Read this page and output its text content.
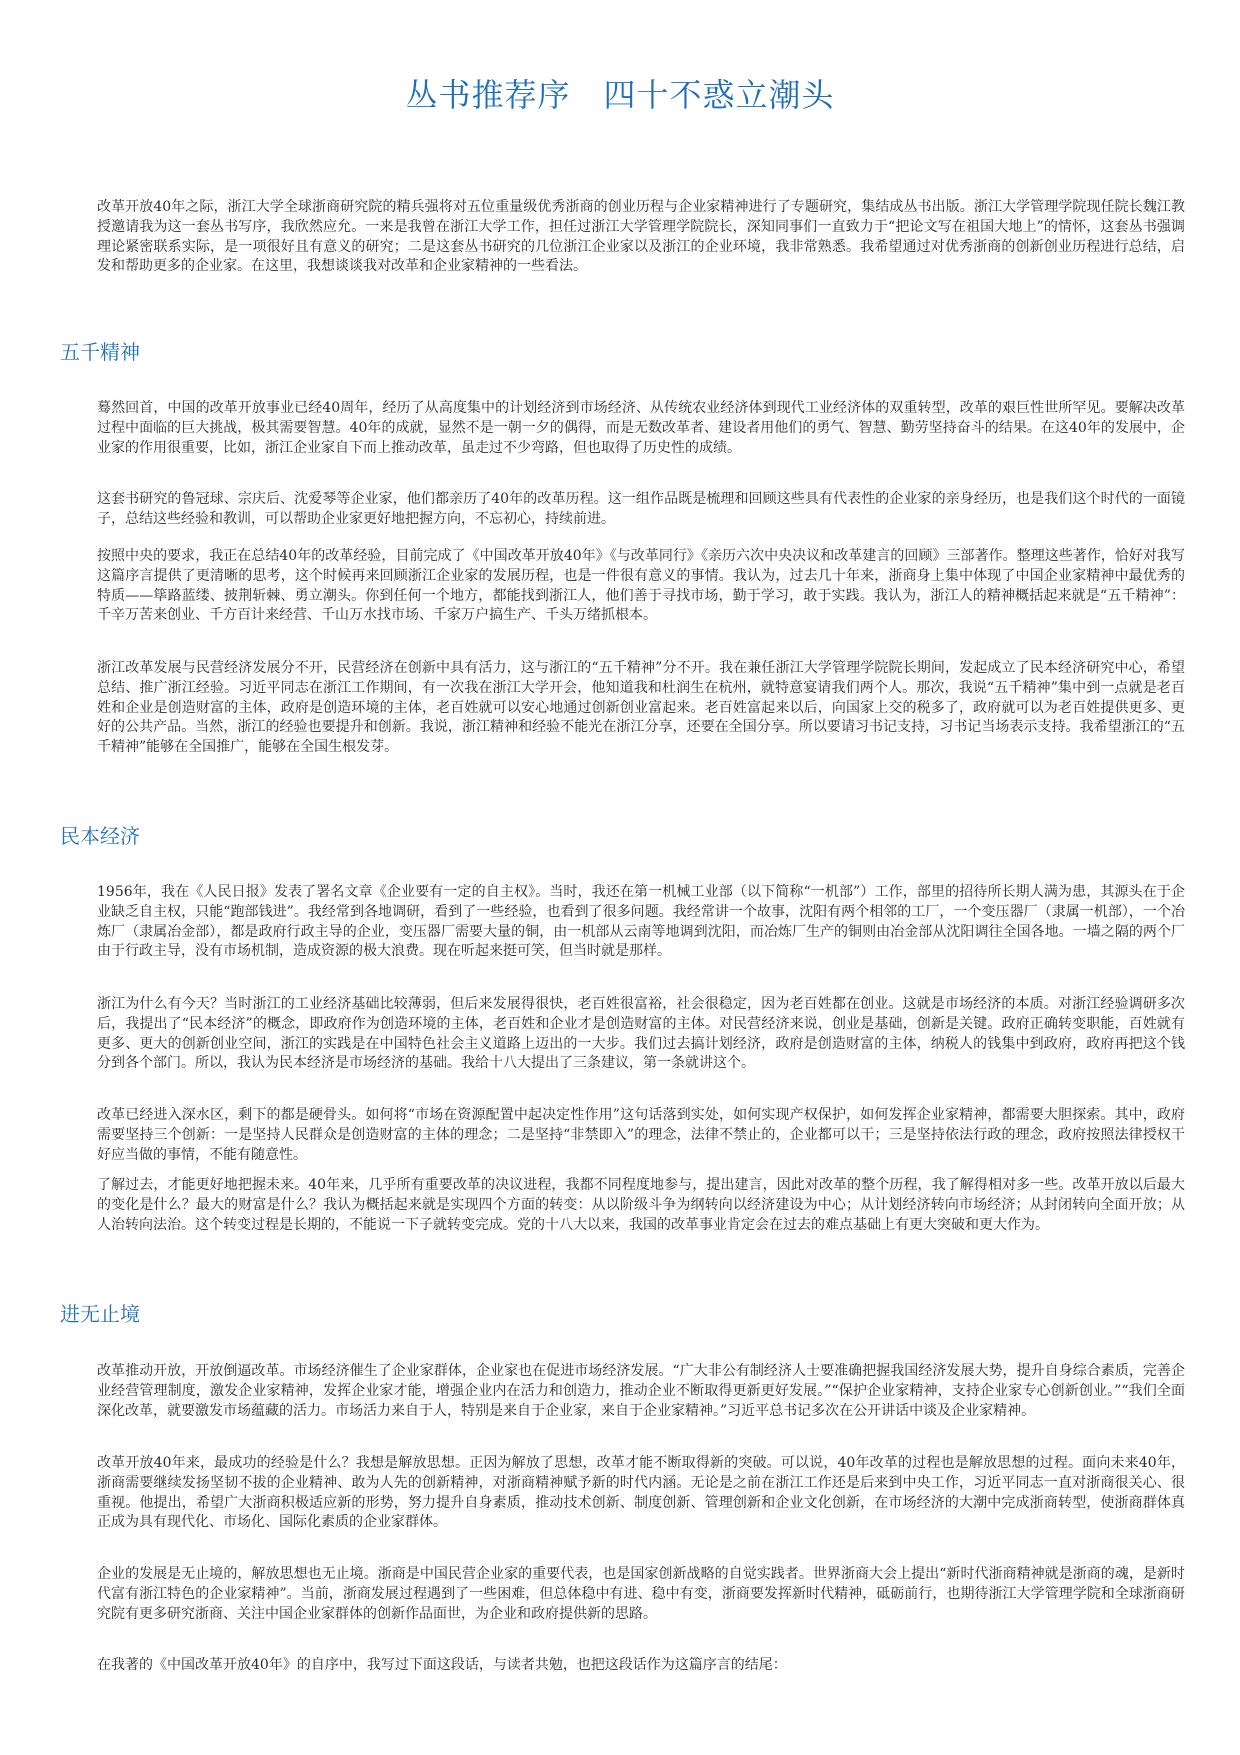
丛书推荐序　四十不惑立潮头
改革开放40年之际，浙江大学全球浙商研究院的精兵强将对五位重量级优秀浙商的创业历程与企业家精神进行了专题研究，集结成丛书出版。浙江大学管理学院现任院长魏江教授邀请我为这一套丛书写序，我欣然应允。一来是我曾在浙江大学工作，担任过浙江大学管理学院院长，深知同事们一直致力于“把论文写在祖国大地上”的情怀，这套丛书强调理论紧密联系实际，是一项很好且有意义的研究；二是这套丛书研究的几位浙江企业家以及浙江的企业环境，我非常熟悉。我希望通过对优秀浙商的创新创业历程进行总结，启发和帮助更多的企业家。在这里，我想谈谈我对改革和企业家精神的一些看法。
五千精神
蓦然回首，中国的改革开放事业已经40周年，经历了从高度集中的计划经济到市场经济、从传统农业经济体到现代工业经济体的双重转型，改革的艰巨性世所罕见。要解决改革过程中面临的巨大挑战，极其需要智慧。40年的成就，显然不是一朝一夕的偶得，而是无数改革者、建设者用他们的勇气、智慧、勤劳坚持奋斗的结果。在这40年的发展中，企业家的作用很重要，比如，浙江企业家自下而上推动改革，虽走过不少弯路，但也取得了历史性的成绩。
这套书研究的鲁冠球、宗庆后、沈爱琴等企业家，他们都亲历了40年的改革历程。这一组作品既是梳理和回顾这些具有代表性的企业家的亲身经历，也是我们这个时代的一面镜子，总结这些经验和教训，可以帮助企业家更好地把握方向，不忘初心，持续前进。
按照中央的要求，我正在总结40年的改革经验，目前完成了《中国改革开放40年》《与改革同行》《亲历六次中央决议和改革建言的回顾》三部著作。整理这些著作，恰好对我写这篇序言提供了更清晰的思考，这个时候再来回顾浙江企业家的发展历程，也是一件很有意义的事情。我认为，过去几十年来，浙商身上集中体现了中国企业家精神中最优秀的特质——筚路蓝缕、披荆斩棘、勇立潮头。你到任何一个地方，都能找到浙江人，他们善于寻找市场，勤于学习，敢于实践。我认为，浙江人的精神概括起来就是“五千精神”：千辛万苦来创业、千方百计来经营、千山万水找市场、千家万户搞生产、千头万绪抓根本。
浙江改革发展与民营经济发展分不开，民营经济在创新中具有活力，这与浙江的“五千精神”分不开。我在兼任浙江大学管理学院院长期间，发起成立了民本经济研究中心，希望总结、推广浙江经验。习近平同志在浙江工作期间，有一次我在浙江大学开会，他知道我和杜润生在杭州，就特意宴请我们两个人。那次，我说“五千精神”集中到一点就是老百姓和企业是创造财富的主体，政府是创造环境的主体，老百姓就可以安心地通过创新创业富起来。老百姓富起来以后，向国家上交的税多了，政府就可以为老百姓提供更多、更好的公共产品。当然，浙江的经验也要提升和创新。我说，浙江精神和经验不能光在浙江分享，还要在全国分享。所以要请习书记支持，习书记当场表示支持。我希望浙江的“五千精神”能够在全国推广，能够在全国生根发芽。
民本经济
1956年，我在《人民日报》发表了署名文章《企业要有一定的自主权》。当时，我还在第一机械工业部（以下简称“一机部”）工作，部里的招待所长期人满为患，其源头在于企业缺乏自主权，只能“跑部钱进”。我经常到各地调研，看到了一些经验，也看到了很多问题。我经常讲一个故事，沈阳有两个相邻的工厂，一个变压器厂（隶属一机部），一个冶炼厂（隶属冶金部），都是政府行政主导的企业，变压器厂需要大量的铜，由一机部从云南等地调到沈阳，而冶炼厂生产的铜则由冶金部从沈阳调往全国各地。一墙之隔的两个厂由于行政主导，没有市场机制，造成资源的极大浪费。现在听起来挺可笑，但当时就是那样。
浙江为什么有今天？当时浙江的工业经济基础比较薄弱，但后来发展得很快，老百姓很富裕，社会很稳定，因为老百姓都在创业。这就是市场经济的本质。对浙江经验调研多次后，我提出了“民本经济”的概念，即政府作为创造环境的主体，老百姓和企业才是创造财富的主体。对民营经济来说，创业是基础，创新是关键。政府正确转变职能，百姓就有更多、更大的创新创业空间，浙江的实践是在中国特色社会主义道路上迈出的一大步。我们过去搞计划经济，政府是创造财富的主体，纳税人的钱集中到政府，政府再把这个钱分到各个部门。所以，我认为民本经济是市场经济的基础。我给十八大提出了三条建议，第一条就讲这个。
改革已经进入深水区，剩下的都是硬骨头。如何将“市场在资源配置中起决定性作用”这句话落到实处，如何实现产权保护，如何发挥企业家精神，都需要大胆探索。其中，政府需要坚持三个创新：一是坚持人民群众是创造财富的主体的理念；二是坚持“非禁即入”的理念，法律不禁止的，企业都可以干；三是坚持依法行政的理念，政府按照法律授权干好应当做的事情，不能有随意性。
了解过去，才能更好地把握未来。40年来，几乎所有重要改革的决议进程，我都不同程度地参与，提出建言，因此对改革的整个历程，我了解得相对多一些。改革开放以后最大的变化是什么？最大的财富是什么？我认为概括起来就是实现四个方面的转变：从以阶级斗争为纲转向以经济建设为中心；从计划经济转向市场经济；从封闭转向全面开放；从人治转向法治。这个转变过程是长期的，不能说一下子就转变完成。党的十八大以来，我国的改革事业肯定会在过去的难点基础上有更大突破和更大作为。
进无止境
改革推动开放，开放倒逼改革。市场经济催生了企业家群体，企业家也在促进市场经济发展。“广大非公有制经济人士要准确把握我国经济发展大势，提升自身综合素质，完善企业经营管理制度，激发企业家精神，发挥企业家才能，增强企业内在活力和创造力，推动企业不断取得更新更好发展。”“保护企业家精神，支持企业家专心创新创业。”“我们全面深化改革，就要激发市场蕴藏的活力。市场活力来自于人，特别是来自于企业家，来自于企业家精神。”习近平总书记多次在公开讲话中谈及企业家精神。
改革开放40年来，最成功的经验是什么？我想是解放思想。正因为解放了思想，改革才能不断取得新的突破。可以说，40年改革的过程也是解放思想的过程。面向未来40年，浙商需要继续发扬坚韧不拔的企业精神、敢为人先的创新精神，对浙商精神赋予新的时代内涵。无论是之前在浙江工作还是后来到中央工作，习近平同志一直对浙商很关心、很重视。他提出，希望广大浙商积极适应新的形势，努力提升自身素质，推动技术创新、制度创新、管理创新和企业文化创新，在市场经济的大潮中完成浙商转型，使浙商群体真正成为具有现代化、市场化、国际化素质的企业家群体。
企业的发展是无止境的，解放思想也无止境。浙商是中国民营企业家的重要代表，也是国家创新战略的自觉实践者。世界浙商大会上提出“新时代浙商精神就是浙商的魂，是新时代富有浙江特色的企业家精神”。当前，浙商发展过程遇到了一些困难，但总体稳中有进、稳中有变，浙商要发挥新时代精神，砥砺前行，也期待浙江大学管理学院和全球浙商研究院有更多研究浙商、关注中国企业家群体的创新作品面世，为企业和政府提供新的思路。
在我著的《中国改革开放40年》的自序中，我写过下面这段话，与读者共勉，也把这段话作为这篇序言的结尾：
